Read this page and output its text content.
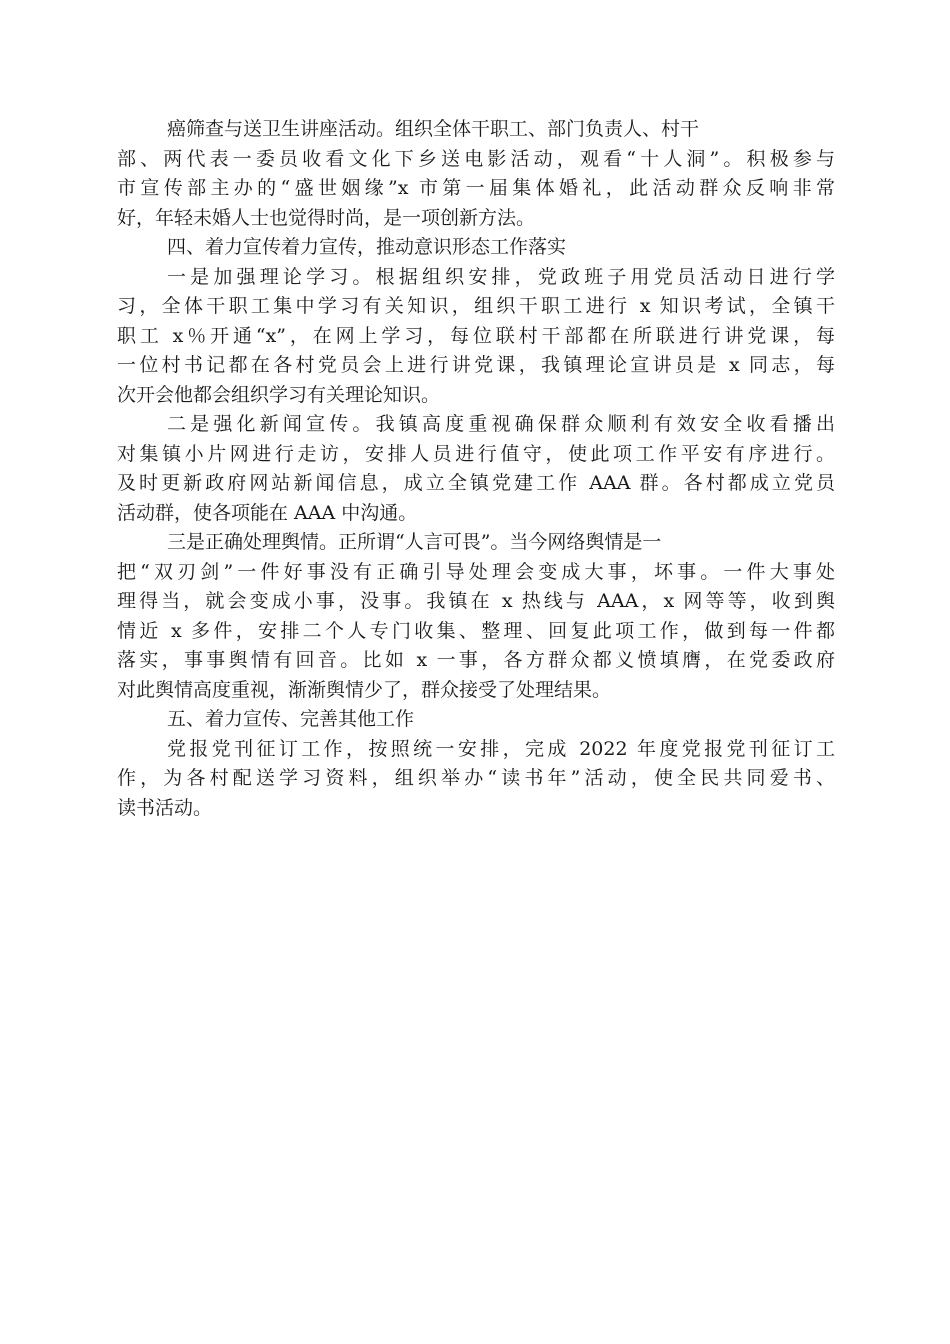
癌筛查与送卫生讲座活动。组织全体干职工、部门负责人、村干
部、两代表一委员收看文化下乡送电影活动，观看“十人洞”。积极参与
市宣传部主办的“盛世姻缘”x 市第一届集体婚礼，此活动群众反响非常
好，年轻未婚人士也觉得时尚，是一项创新方法。
四、着力宣传着力宣传，推动意识形态工作落实
一是加强理论学习。根据组织安排，党政班子用党员活动日进行学
习，全体干职工集中学习有关知识，组织干职工进行 x 知识考试，全镇干
职工 x％开通“x”，在网上学习，每位联村干部都在所联进行讲党课，每
一位村书记都在各村党员会上进行讲党课，我镇理论宣讲员是 x 同志，每
次开会他都会组织学习有关理论知识。
二是强化新闻宣传。我镇高度重视确保群众顺利有效安全收看播出
对集镇小片网进行走访，安排人员进行值守，使此项工作平安有序进行。
及时更新政府网站新闻信息，成立全镇党建工作 AAA 群。各村都成立党员
活动群，使各项能在 AAA 中沟通。
三是正确处理舆情。正所谓“人言可畏”。当今网络舆情是一
把“双刃剑”一件好事没有正确引导处理会变成大事，坏事。一件大事处
理得当，就会变成小事，没事。我镇在 x 热线与 AAA，x 网等等，收到舆
情近 x 多件，安排二个人专门收集、整理、回复此项工作，做到每一件都
落实，事事舆情有回音。比如 x 一事，各方群众都义愤填膺，在党委政府
对此舆情高度重视，渐渐舆情少了，群众接受了处理结果。
五、着力宣传、完善其他工作
党报党刊征订工作，按照统一安排，完成 2022 年度党报党刊征订工
作，为各村配送学习资料，组织举办“读书年”活动，使全民共同爱书、
读书活动。
